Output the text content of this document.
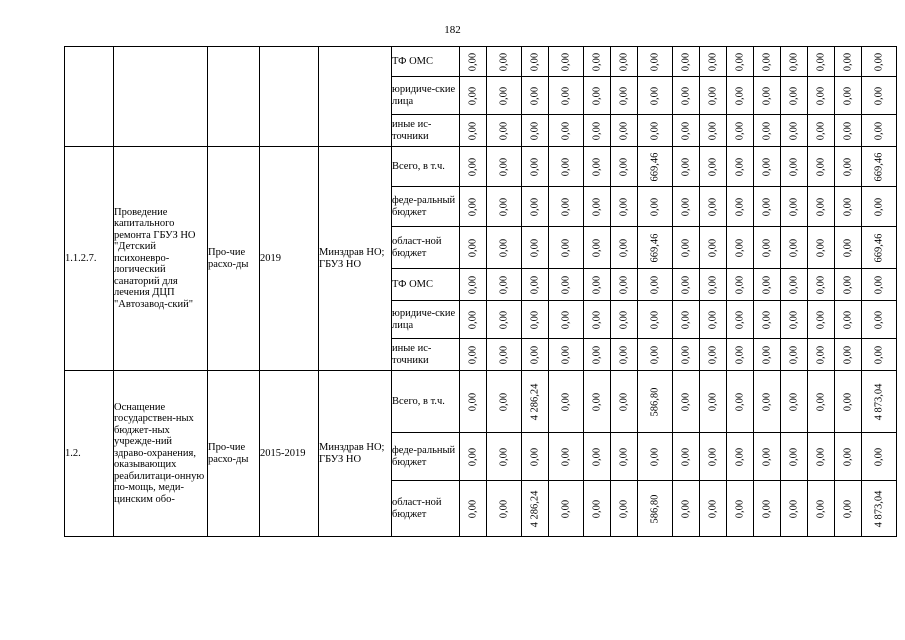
182
					ТФ ОМС	0,00	0,00	0,00	0,00	0,00	0,00	0,00	0,00	0,00	0,00	0,00	0,00	0,00	0,00	0,00

					юридиче-ские лица	0,00	0,00	0,00	0,00	0,00	0,00	0,00	0,00	0,00	0,00	0,00	0,00	0,00	0,00	0,00

					иные ис-точники	0,00	0,00	0,00	0,00	0,00	0,00	0,00	0,00	0,00	0,00	0,00	0,00	0,00	0,00	0,00

1.1.2.7.	Проведение капитального ремонта ГБУЗ НО "Детский психоневро-логический санаторий для лечения ДЦП "Автозавод-ский"	Про-чие расхо-ды	2019	Минздрав НО; ГБУЗ НО	Всего, в т.ч.	0,00	0,00	0,00	0,00	0,00	0,00	669,46	0,00	0,00	0,00	0,00	0,00	0,00	0,00	669,46

					феде-ральный бюджет	0,00	0,00	0,00	0,00	0,00	0,00	0,00	0,00	0,00	0,00	0,00	0,00	0,00	0,00	0,00

					област-ной бюджет	0,00	0,00	0,00	0,00	0,00	0,00	669,46	0,00	0,00	0,00	0,00	0,00	0,00	0,00	669,46

					ТФ ОМС	0,00	0,00	0,00	0,00	0,00	0,00	0,00	0,00	0,00	0,00	0,00	0,00	0,00	0,00	0,00

					юридиче-ские лица	0,00	0,00	0,00	0,00	0,00	0,00	0,00	0,00	0,00	0,00	0,00	0,00	0,00	0,00	0,00

					иные ис-точники	0,00	0,00	0,00	0,00	0,00	0,00	0,00	0,00	0,00	0,00	0,00	0,00	0,00	0,00	0,00

1.2.	Оснащение государствен-ных бюджет-ных учрежде-ний здраво-охранения, оказывающих реабилитаци-онную по-мощь, меди-цинским обо-	Про-чие расхо-ды	2015-2019	Минздрав НО; ГБУЗ НО	Всего, в т.ч.	0,00	0,00	4 286,24	0,00	0,00	0,00	586,80	0,00	0,00	0,00	0,00	0,00	0,00	0,00	4 873,04

					феде-ральный бюджет	0,00	0,00	0,00	0,00	0,00	0,00	0,00	0,00	0,00	0,00	0,00	0,00	0,00	0,00	0,00

					област-ной бюджет	0,00	0,00	4 286,24	0,00	0,00	0,00	586,80	0,00	0,00	0,00	0,00	0,00	0,00	0,00	4 873,04
